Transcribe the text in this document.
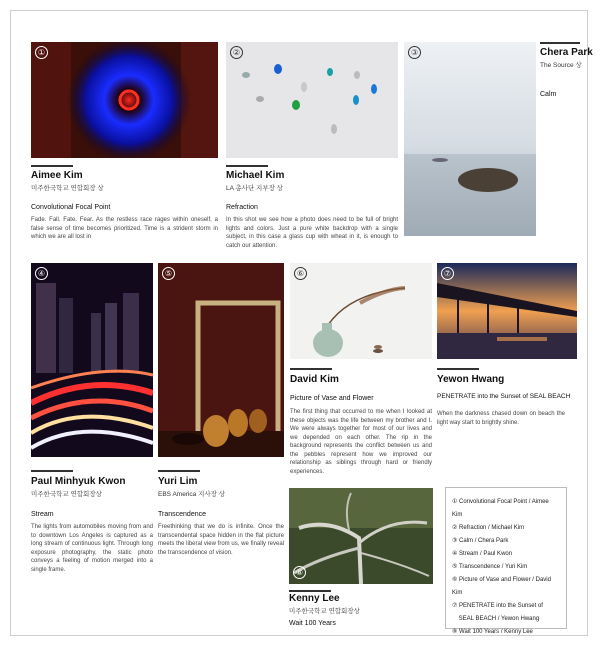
①	②	③
④	⑤	⑥	⑦
⑧
Aimee Kim
미주한국학교 연합회장 상
Convolutional Focal Point
Fade. Fall. Fate. Fear. As the restless race rages within oneself, a false sense of time becomes prioritized. Time is a strident storm in which we are all lost in
Michael Kim
LA 총사단 지부장 상
Refraction
In this shot we see how a photo does need to be full of bright lights and colors. Just a pure white backdrop with a single subject, in this case a glass cup with wheat in it, is enough to catch our attention.
Chera Park
The Source 상
Calm
Paul Minhyuk Kwon
미주한국학교 연합회장상
Stream
The lights from automobiles moving from and to downtown Los Angeles is captured as a long stream of continuous light. Through long exposure photography, the static photo conveys a feeling of motion merged into a single frame.
Yuri Lim
EBS America 지사장 상
Transcendence
Freethinking that we do is infinite. Once the transcendental space hidden in the flat picture meets the liberal view from us, we finally reveal the transcendence of vision.
David Kim
Picture of Vase and Flower
The first thing that occurred to me when I looked at these objects was the life between my brother and I. We were always together for most of our lives and we depended on each other. The rip in the background represents the conflict between us and the pebbles represent how we improved our relationship as siblings through hard or friendly experiences.
Yewon Hwang
PENETRATE into the Sunset of SEAL BEACH
When the darkness chased down on beach the light way start to brightly shine.
Kenny Lee
미주한국학교 연합회장상
Wait 100 Years
① Convolutional Focal Point / Aimee Kim
② Refraction / Michael Kim
③ Calm / Chera Park
④ Stream / Paul Kwon
⑤ Transcendence / Yuri Kim
⑥ Picture of Vase and Flower / David Kim
⑦ PENETRATE into the Sunset of
SEAL BEACH / Yewon Hwang
⑧ Wait 100 Years / Kenny Lee
